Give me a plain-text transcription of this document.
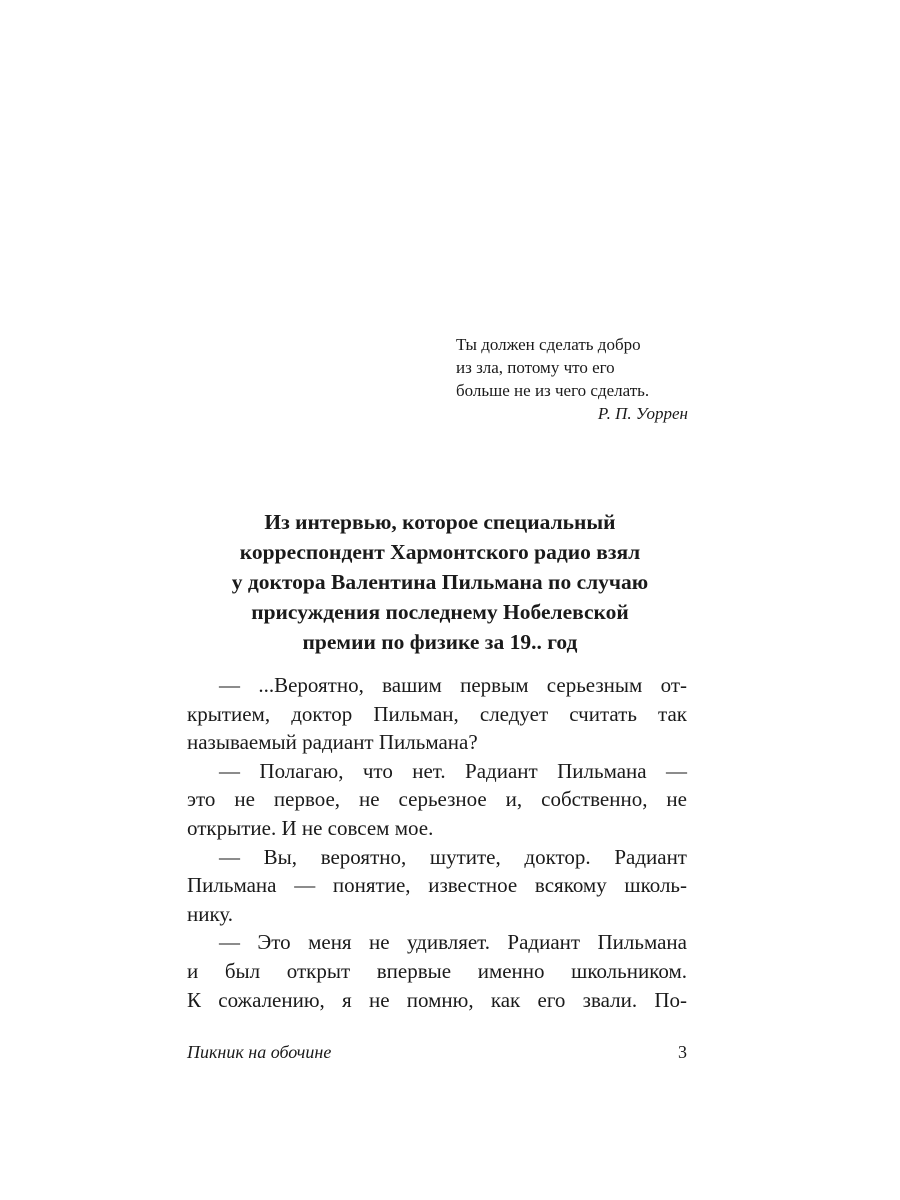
Ты должен сделать добро
из зла, потому что его
больше не из чего сделать.
Р. П. Уоррен
Из интервью, которое специальный
корреспондент Хармонтского радио взял
у доктора Валентина Пильмана по случаю
присуждения последнему Нобелевской
премии по физике за 19.. год
— ...Вероятно, вашим первым серьезным от-
крытием, доктор Пильман, следует считать так
называемый радиант Пильмана?
— Полагаю, что нет. Радиант Пильмана —
это не первое, не серьезное и, собственно, не
открытие. И не совсем мое.
— Вы, вероятно, шутите, доктор. Радиант
Пильмана — понятие, известное всякому школь-
нику.
— Это меня не удивляет. Радиант Пильмана
и был открыт впервые именно школьником.
К сожалению, я не помню, как его звали. По-
Пикник на обочине	3
